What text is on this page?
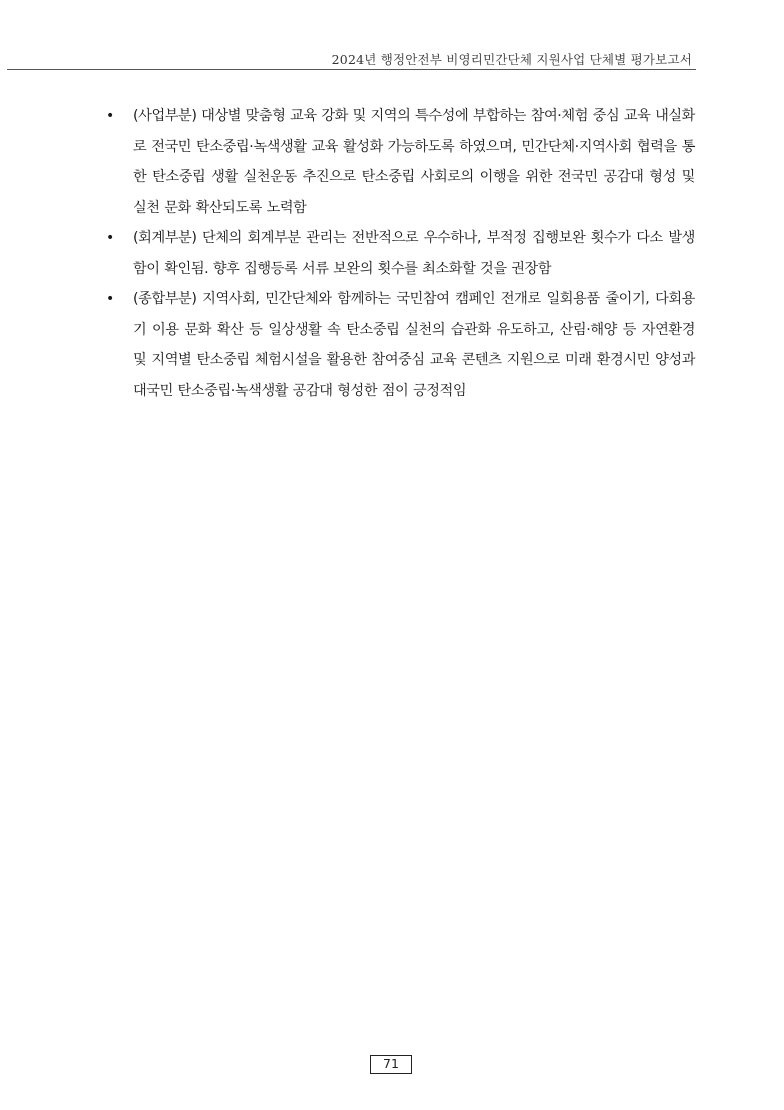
2024년 행정안전부 비영리민간단체 지원사업 단체별 평가보고서
• (사업부분) 대상별 맞춤형 교육 강화 및 지역의 특수성에 부합하는 참여·체험 중심 교육 내실화로 전국민 탄소중립·녹색생활 교육 활성화 가능하도록 하였으며, 민간단체·지역사회 협력을 통한 탄소중립 생활 실천운동 추진으로 탄소중립 사회로의 이행을 위한 전국민 공감대 형성 및 실천 문화 확산되도록 노력함
• (회계부분) 단체의 회계부분 관리는 전반적으로 우수하나, 부적정 집행보완 횟수가 다소 발생함이 확인됨. 향후 집행등록 서류 보완의 횟수를 최소화할 것을 권장함
• (종합부분) 지역사회, 민간단체와 함께하는 국민참여 캠페인 전개로 일회용품 줄이기, 다회용기 이용 문화 확산 등 일상생활 속 탄소중립 실천의 습관화 유도하고, 산림·해양 등 자연환경 및 지역별 탄소중립 체험시설을 활용한 참여중심 교육 콘텐츠 지원으로 미래 환경시민 양성과 대국민 탄소중립·녹색생활 공감대 형성한 점이 긍정적임
71
